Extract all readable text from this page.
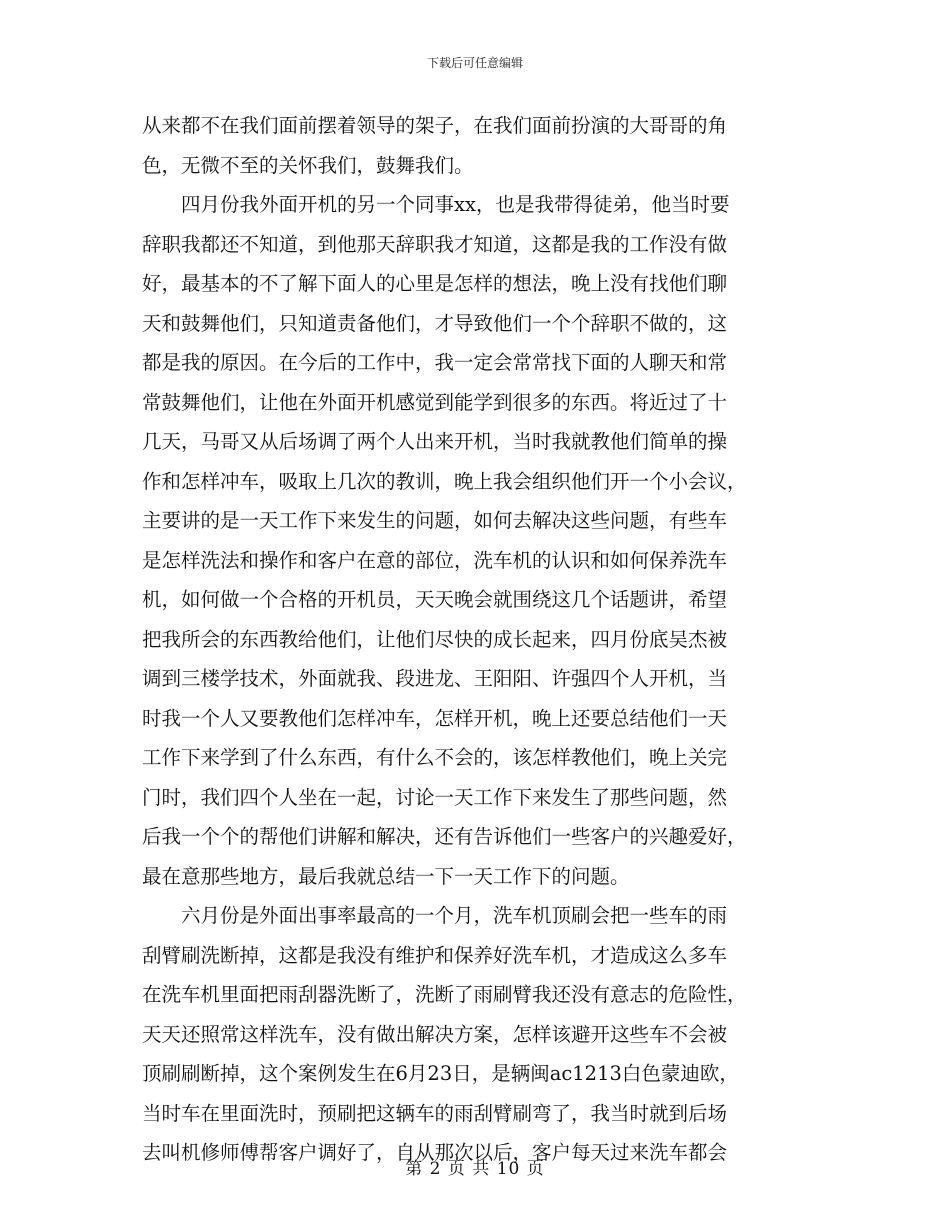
下载后可任意编辑
从来都不在我们面前摆着领导的架子，在我们面前扮演的大哥哥的角
色，无微不至的关怀我们，鼓舞我们。
　　四月份我外面开机的另一个同事xx，也是我带得徒弟，他当时要
辞职我都还不知道，到他那天辞职我才知道，这都是我的工作没有做
好，最基本的不了解下面人的心里是怎样的想法，晚上没有找他们聊
天和鼓舞他们，只知道责备他们，才导致他们一个个辞职不做的，这
都是我的原因。在今后的工作中，我一定会常常找下面的人聊天和常
常鼓舞他们，让他在外面开机感觉到能学到很多的东西。将近过了十
几天，马哥又从后场调了两个人出来开机，当时我就教他们简单的操
作和怎样冲车，吸取上几次的教训，晚上我会组织他们开一个小会议，
主要讲的是一天工作下来发生的问题，如何去解决这些问题，有些车
是怎样洗法和操作和客户在意的部位，洗车机的认识和如何保养洗车
机，如何做一个合格的开机员，天天晚会就围绕这几个话题讲，希望
把我所会的东西教给他们，让他们尽快的成长起来，四月份底吴杰被
调到三楼学技术，外面就我、段进龙、王阳阳、许强四个人开机，当
时我一个人又要教他们怎样冲车，怎样开机，晚上还要总结他们一天
工作下来学到了什么东西，有什么不会的，该怎样教他们，晚上关完
门时，我们四个人坐在一起，讨论一天工作下来发生了那些问题，然
后我一个个的帮他们讲解和解决，还有告诉他们一些客户的兴趣爱好，
最在意那些地方，最后我就总结一下一天工作下的问题。
　　六月份是外面出事率最高的一个月，洗车机顶刷会把一些车的雨
刮臂刷洗断掉，这都是我没有维护和保养好洗车机，才造成这么多车
在洗车机里面把雨刮器洗断了，洗断了雨刷臂我还没有意志的危险性，
天天还照常这样洗车，没有做出解决方案，怎样该避开这些车不会被
顶刷刷断掉，这个案例发生在6月23日，是辆闽ac1213白色蒙迪欧，
当时车在里面洗时，预刷把这辆车的雨刮臂刷弯了，我当时就到后场
去叫机修师傅帮客户调好了，自从那次以后，客户每天过来洗车都会
第 2 页 共 10 页
